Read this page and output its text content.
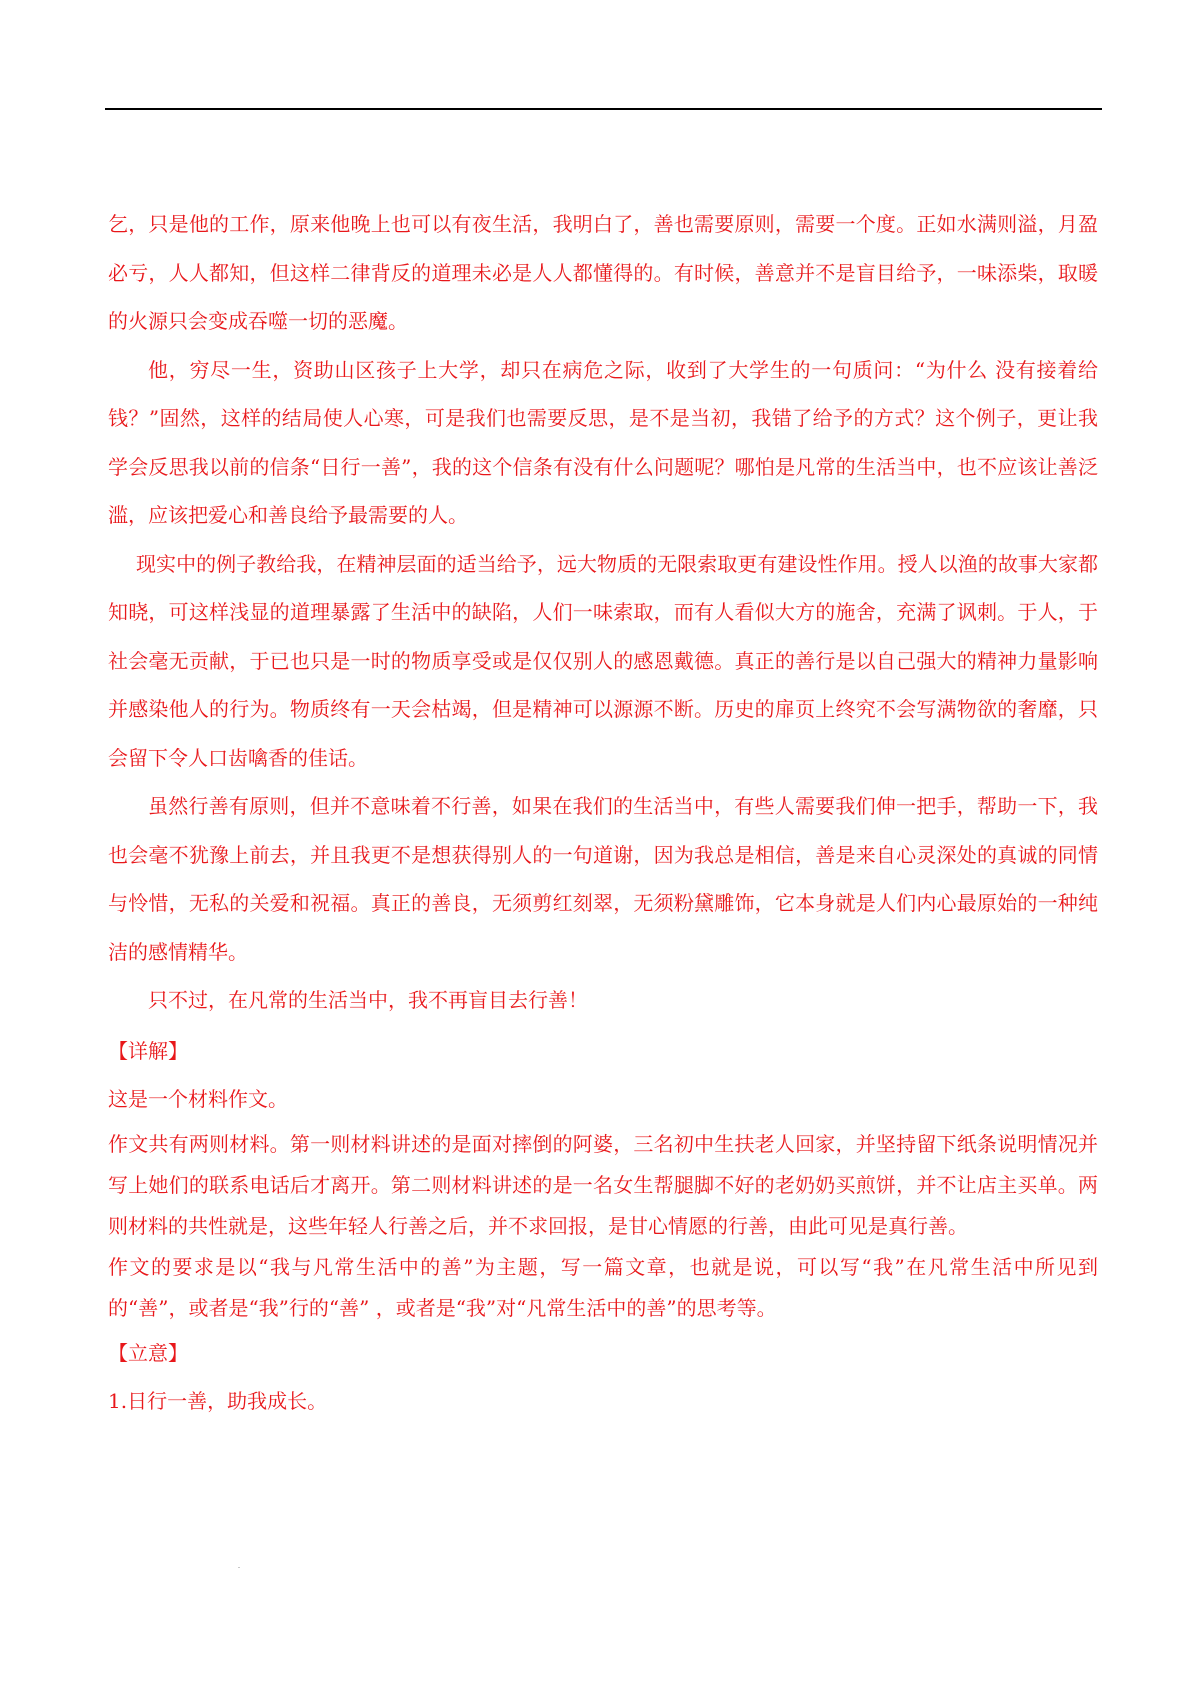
乞，只是他的工作，原来他晚上也可以有夜生活，我明白了，善也需要原则，需要一个度。正如水满则溢，月盈必亏，人人都知，但这样二律背反的道理未必是人人都懂得的。有时候，善意并不是盲目给予，一味添柴，取暖的火源只会变成吞噬一切的恶魔。

他，穷尽一生，资助山区孩子上大学，却只在病危之际，收到了大学生的一句质问：“为什么 没有接着给钱？”固然，这样的结局使人心寒，可是我们也需要反思，是不是当初，我错了给予的方式？这个例子，更让我学会反思我以前的信条“日行一善”，我的这个信条有没有什么问题呢？哪怕是凡常的生活当中，也不应该让善泛滥，应该把爱心和善良给予最需要的人。

现实中的例子教给我，在精神层面的适当给予，远大物质的无限索取更有建设性作用。授人以渔的故事大家都知晓，可这样浅显的道理暴露了生活中的缺陷，人们一味索取，而有人看似大方的施舍，充满了讽刺。于人，于社会毫无贡献，于已也只是一时的物质享受或是仅仅别人的感恩戴德。真正的善行是以自己强大的精神力量影响并感染他人的行为。物质终有一天会枯竭，但是精神可以源源不断。历史的扉页上终究不会写满物欲的奢靡，只会留下令人口齿噙香的佳话。

虽然行善有原则，但并不意味着不行善，如果在我们的生活当中，有些人需要我们伸一把手，帮助一下，我也会毫不犹豫上前去，并且我更不是想获得别人的一句道谢，因为我总是相信，善是来自心灵深处的真诚的同情与怜惜，无私的关爱和祝福。真正的善良，无须剪红刻翠，无须粉黛雕饰，它本身就是人们内心最原始的一种纯洁的感情精华。

只不过，在凡常的生活当中，我不再盲目去行善！

【详解】

这是一个材料作文。

作文共有两则材料。第一则材料讲述的是面对摔倒的阿婆，三名初中生扶老人回家，并坚持留下纸条说明情况并写上她们的联系电话后才离开。第二则材料讲述的是一名女生帮腿脚不好的老奶奶买煎饼，并不让店主买单。两则材料的共性就是，这些年轻人行善之后，并不求回报，是甘心情愿的行善，由此可见是真行善。

作文的要求是以“我与凡常生活中的善”为主题，写一篇文章，也就是说，可以写“我”在凡常生活中所见到的“善”，或者是“我”行的“善” ，或者是“我”对“凡常生活中的善”的思考等。

【立意】

1.日行一善，助我成长。
